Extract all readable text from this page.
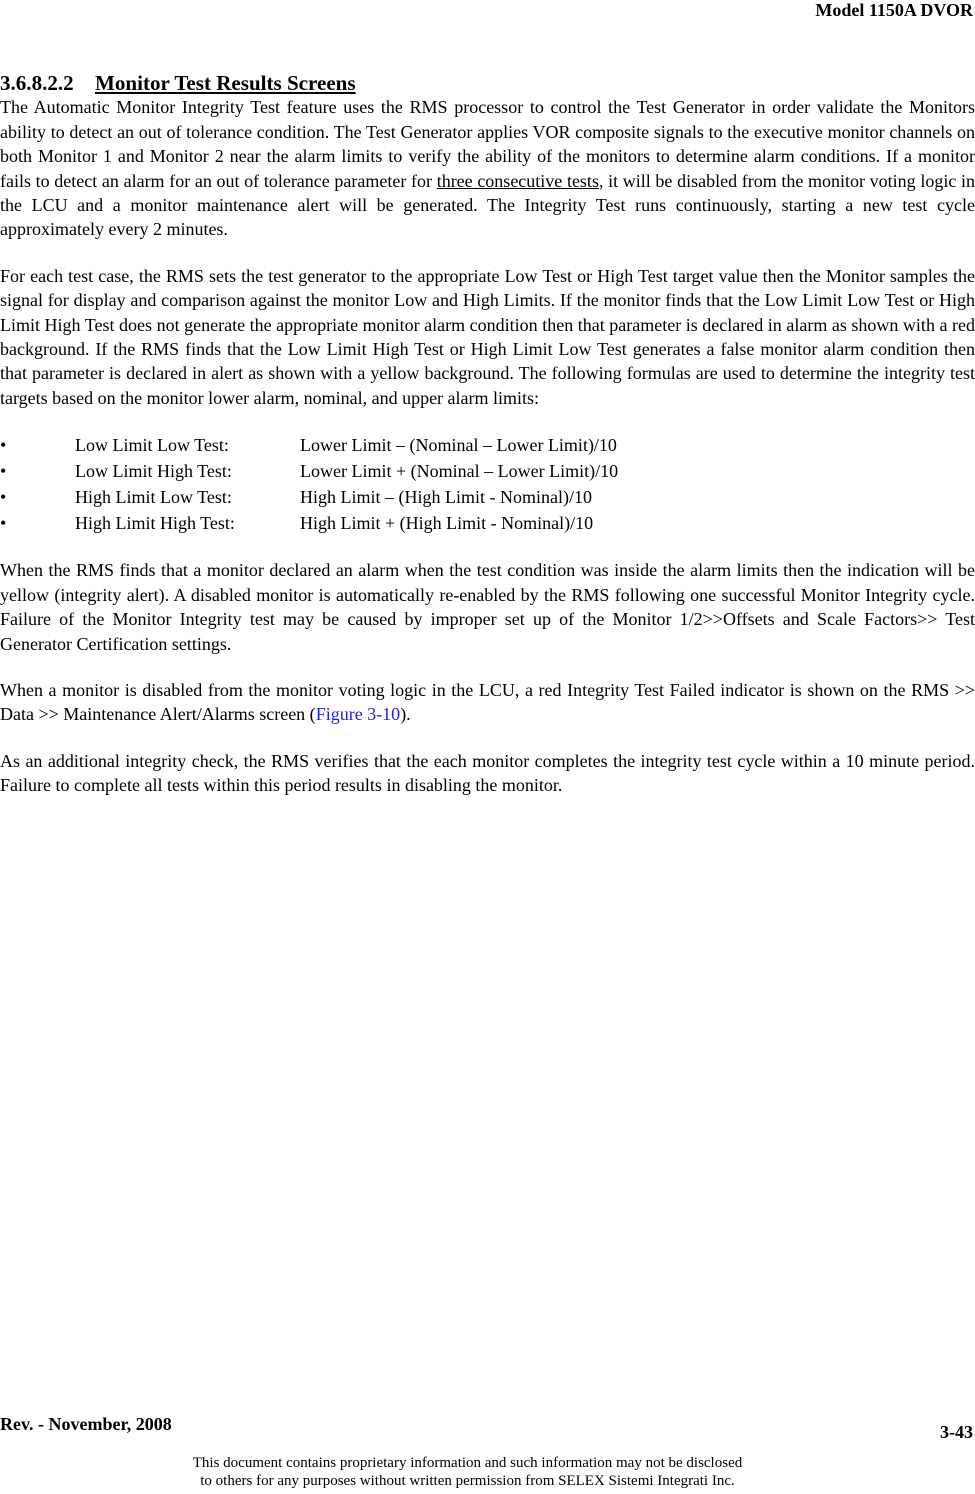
Model 1150A DVOR
3.6.8.2.2 Monitor Test Results Screens

The Automatic Monitor Integrity Test feature uses the RMS processor to control the Test Generator in order validate the Monitors ability to detect an out of tolerance condition. The Test Generator applies VOR composite signals to the executive monitor channels on both Monitor 1 and Monitor 2 near the alarm limits to verify the ability of the monitors to determine alarm conditions. If a monitor fails to detect an alarm for an out of tolerance parameter for three consecutive tests, it will be disabled from the monitor voting logic in the LCU and a monitor maintenance alert will be generated. The Integrity Test runs continuously, starting a new test cycle approximately every 2 minutes.

For each test case, the RMS sets the test generator to the appropriate Low Test or High Test target value then the Monitor samples the signal for display and comparison against the monitor Low and High Limits. If the monitor finds that the Low Limit Low Test or High Limit High Test does not generate the appropriate monitor alarm condition then that parameter is declared in alarm as shown with a red background. If the RMS finds that the Low Limit High Test or High Limit Low Test generates a false monitor alarm condition then that parameter is declared in alert as shown with a yellow background. The following formulas are used to determine the integrity test targets based on the monitor lower alarm, nominal, and upper alarm limits:

•	Low Limit Low Test:	Lower Limit – (Nominal – Lower Limit)/10
•	Low Limit High Test:	Lower Limit + (Nominal – Lower Limit)/10
•	High Limit Low Test:	High Limit – (High Limit - Nominal)/10
•	High Limit High Test:	High Limit + (High Limit - Nominal)/10

When the RMS finds that a monitor declared an alarm when the test condition was inside the alarm limits then the indication will be yellow (integrity alert). A disabled monitor is automatically re-enabled by the RMS following one successful Monitor Integrity cycle. Failure of the Monitor Integrity test may be caused by improper set up of the Monitor 1/2>>Offsets and Scale Factors>> Test Generator Certification settings.

When a monitor is disabled from the monitor voting logic in the LCU, a red Integrity Test Failed indicator is shown on the RMS >> Data >> Maintenance Alert/Alarms screen (Figure 3-10).

As an additional integrity check, the RMS verifies that the each monitor completes the integrity test cycle within a 10 minute period. Failure to complete all tests within this period results in disabling the monitor.

Rev. - November, 2008	3-43
This document contains proprietary information and such information may not be disclosed
to others for any purposes without written permission from SELEX Sistemi Integrati Inc.
